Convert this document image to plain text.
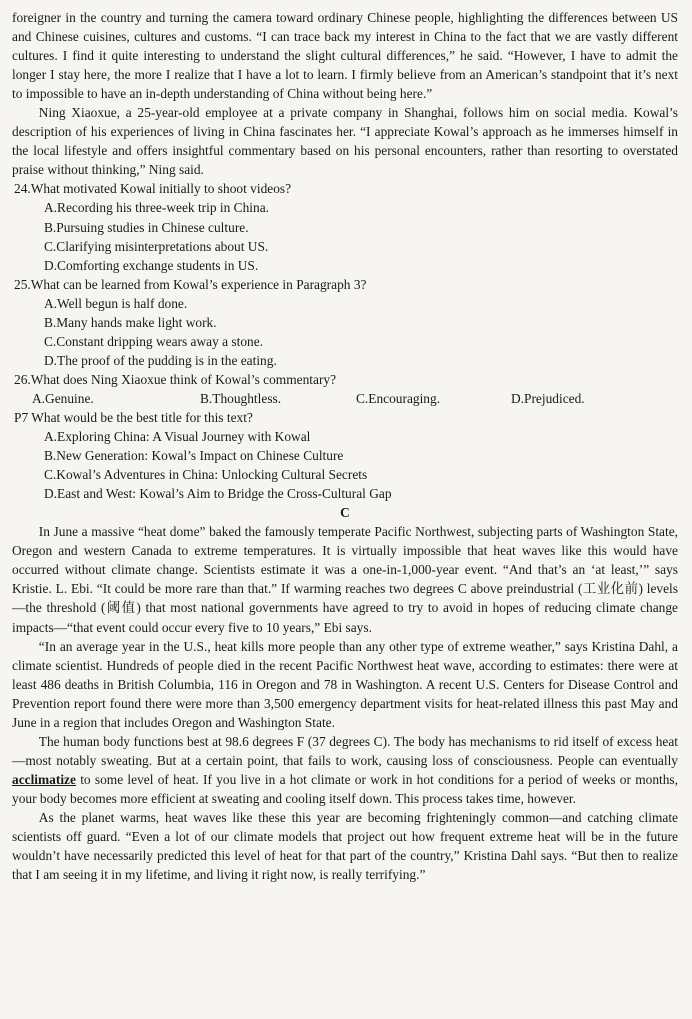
foreigner in the country and turning the camera toward ordinary Chinese people, highlighting the differences between US and Chinese cuisines, cultures and customs. “I can trace back my interest in China to the fact that we are vastly different cultures. I find it quite interesting to understand the slight cultural differences,” he said. “However, I have to admit the longer I stay here, the more I realize that I have a lot to learn. I firmly believe from an American’s standpoint that it’s next to impossible to have an in-depth understanding of China without being here.”

Ning Xiaoxue, a 25-year-old employee at a private company in Shanghai, follows him on social media. Kowal’s description of his experiences of living in China fascinates her. “I appreciate Kowal’s approach as he immerses himself in the local lifestyle and offers insightful commentary based on his personal encounters, rather than resorting to overstated praise without thinking,” Ning said.

24.What motivated Kowal initially to shoot videos?

A.Recording his three-week trip in China.

B.Pursuing studies in Chinese culture.

C.Clarifying misinterpretations about US.

D.Comforting exchange students in US.

25.What can be learned from Kowal’s experience in Paragraph 3?

A.Well begun is half done.

B.Many hands make light work.

C.Constant dripping wears away a stone.

D.The proof of the pudding is in the eating.

26.What does Ning Xiaoxue think of Kowal’s commentary?

A.Genuine.	B.Thoughtless.	C.Encouraging.	D.Prejudiced.

P7 What would be the best title for this text?

A.Exploring China: A Visual Journey with Kowal

B.New Generation: Kowal’s Impact on Chinese Culture

C.Kowal’s Adventures in China: Unlocking Cultural Secrets

D.East and West: Kowal’s Aim to Bridge the Cross-Cultural Gap

C

In June a massive “heat dome” baked the famously temperate Pacific Northwest, subjecting parts of Washington State, Oregon and western Canada to extreme temperatures. It is virtually impossible that heat waves like this would have occurred without climate change. Scientists estimate it was a one-in-1,000-year event. “And that’s an ‘at least,’” says Kristie. L. Ebi. “It could be more rare than that.” If warming reaches two degrees C above preindustrial (工业化前) levels—the threshold (阈值) that most national governments have agreed to try to avoid in hopes of reducing climate change impacts—“that event could occur every five to 10 years,” Ebi says.

“In an average year in the U.S., heat kills more people than any other type of extreme weather,” says Kristina Dahl, a climate scientist. Hundreds of people died in the recent Pacific Northwest heat wave, according to estimates: there were at least 486 deaths in British Columbia, 116 in Oregon and 78 in Washington. A recent U.S. Centers for Disease Control and Prevention report found there were more than 3,500 emergency department visits for heat-related illness this past May and June in a region that includes Oregon and Washington State.

The human body functions best at 98.6 degrees F (37 degrees C). The body has mechanisms to rid itself of excess heat—most notably sweating. But at a certain point, that fails to work, causing loss of consciousness. People can eventually acclimatize to some level of heat. If you live in a hot climate or work in hot conditions for a period of weeks or months, your body becomes more efficient at sweating and cooling itself down. This process takes time, however.

As the planet warms, heat waves like these this year are becoming frighteningly common—and catching climate scientists off guard. “Even a lot of our climate models that project out how frequent extreme heat will be in the future wouldn’t have necessarily predicted this level of heat for that part of the country,” Kristina Dahl says. “But then to realize that I am seeing it in my lifetime, and living it right now, is really terrifying.”
